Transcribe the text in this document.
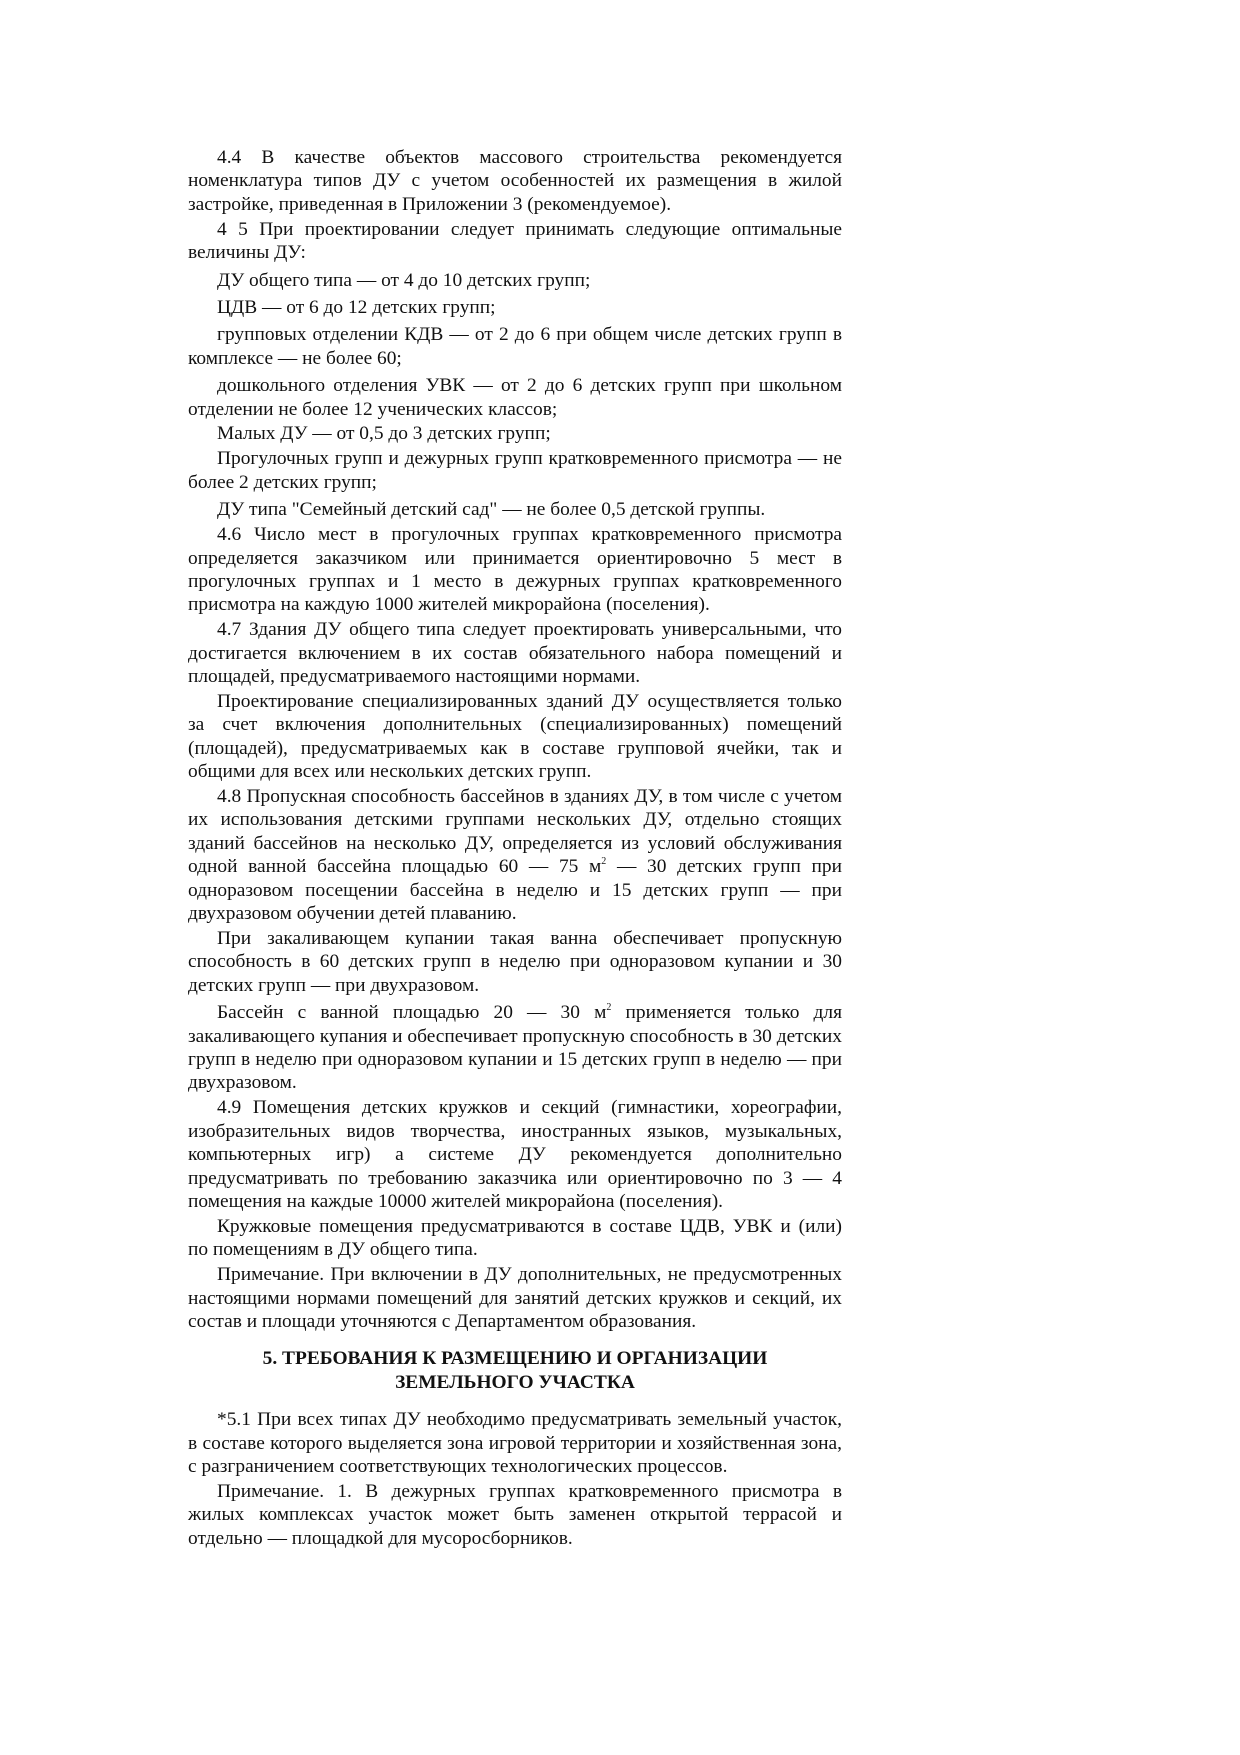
4.4 В качестве объектов массового строительства рекомендуется номенклатура типов ДУ с учетом особенностей их размещения в жилой застройке, приведенная в Приложении 3 (рекомендуемое).

4 5 При проектировании следует принимать следующие оптимальные величины ДУ:

ДУ общего типа — от 4 до 10 детских групп;

ЦДВ — от 6 до 12 детских групп;

групповых отделении КДВ — от 2 до 6 при общем числе детских групп в комплексе — не более 60;

дошкольного отделения УВК — от 2 до 6 детских групп при школьном отделении не более 12 ученических классов;

Малых ДУ — от 0,5 до 3 детских групп;

Прогулочных групп и дежурных групп кратковременного присмотра — не более 2 детских групп;

ДУ типа "Семейный детский сад" — не более 0,5 детской группы.

4.6 Число мест в прогулочных группах кратковременного присмотра определяется заказчиком или принимается ориентировочно 5 мест в прогулочных группах и 1 место в дежурных группах кратковременного присмотра на каждую 1000 жителей микрорайона (поселения).

4.7 Здания ДУ общего типа следует проектировать универсальными, что достигается включением в их состав обязательного набора помещений и площадей, предусматриваемого настоящими нормами.

Проектирование специализированных зданий ДУ осуществляется только за счет включения дополнительных (специализированных) помещений (площадей), предусматриваемых как в составе групповой ячейки, так и общими для всех или нескольких детских групп.

4.8 Пропускная способность бассейнов в зданиях ДУ, в том числе с учетом их использования детскими группами нескольких ДУ, отдельно стоящих зданий бассейнов на несколько ДУ, определяется из условий обслуживания одной ванной бассейна площадью 60 — 75 $м^2$ — 30 детских групп при одноразовом посещении бассейна в неделю и 15 детских групп — при двухразовом обучении детей плаванию.

При закаливающем купании такая ванна обеспечивает пропускную способность в 60 детских групп в неделю при одноразовом купании и 30 детских групп — при двухразовом.

Бассейн с ванной площадью 20 — 30 $м^2$ применяется только для закаливающего купания и обеспечивает пропускную способность в 30 детских групп в неделю при одноразовом купании и 15 детских групп в неделю — при двухразовом.

4.9 Помещения детских кружков и секций (гимнастики, хореографии, изобразительных видов творчества, иностранных языков, музыкальных, компьютерных игр) а системе ДУ рекомендуется дополнительно предусматривать по требованию заказчика или ориентировочно по 3 — 4 помещения на каждые 10000 жителей микрорайона (поселения).

Кружковые помещения предусматриваются в составе ЦДВ, УВК и (или) по помещениям в ДУ общего типа.

Примечание. При включении в ДУ дополнительных, не предусмотренных настоящими нормами помещений для занятий детских кружков и секций, их состав и площади уточняются с Департаментом образования.

5. ТРЕБОВАНИЯ К РАЗМЕЩЕНИЮ И ОРГАНИЗАЦИИ
ЗЕМЕЛЬНОГО УЧАСТКА

*5.1 При всех типах ДУ необходимо предусматривать земельный участок, в составе которого выделяется зона игровой территории и хозяйственная зона, с разграничением соответствующих технологических процессов.

Примечание. 1. В дежурных группах кратковременного присмотра в жилых комплексах участок может быть заменен открытой террасой и отдельно — площадкой для мусоросборников.
